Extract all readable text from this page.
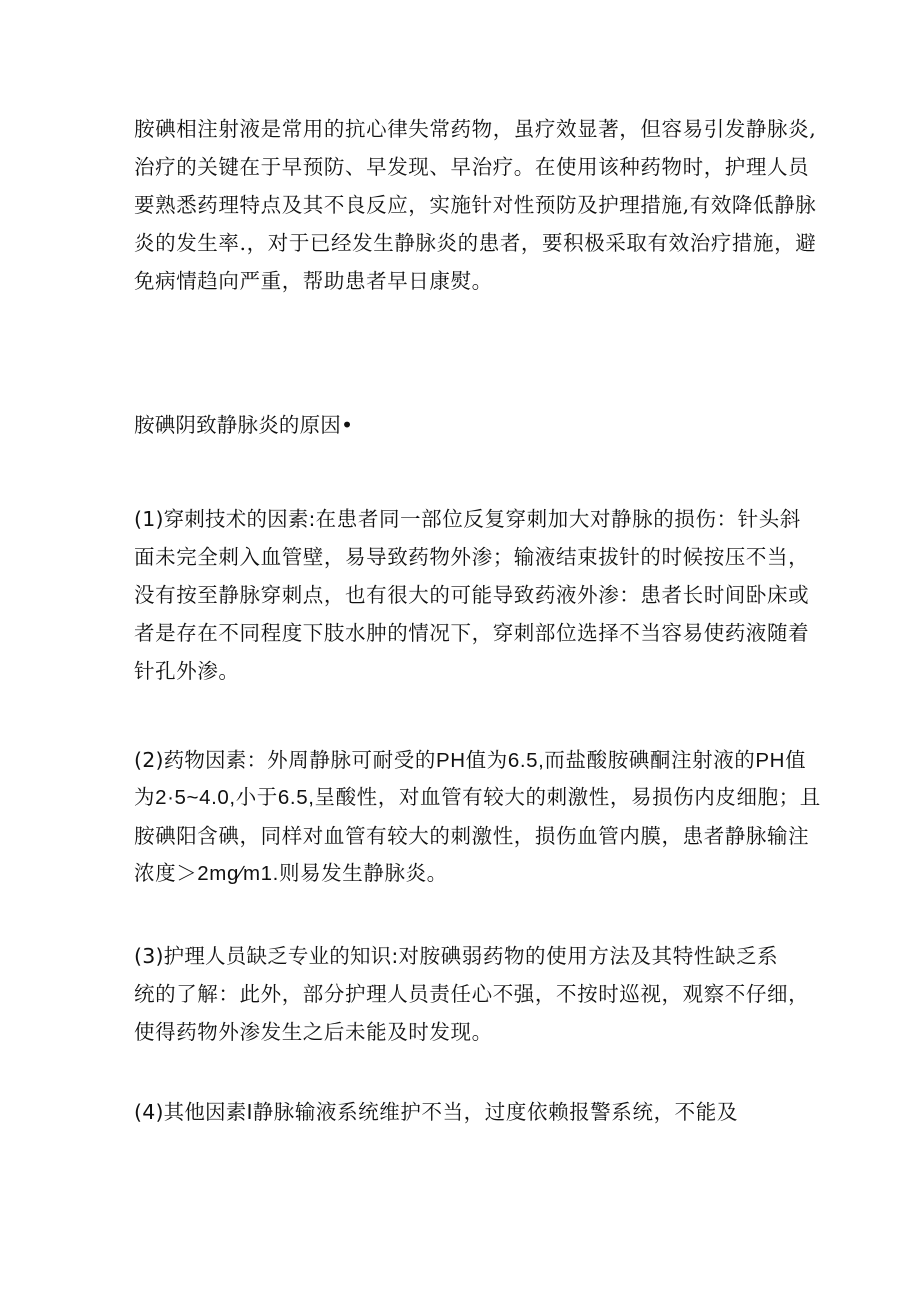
胺碘相注射液是常用的抗心律失常药物，虽疗效显著，但容易引发静脉炎,
治疗的关键在于早预防、早发现、早治疗。在使用该种药物时，护理人员
要熟悉药理特点及其不良反应，实施针对性预防及护理措施,有效降低静脉
炎的发生率.，对于已经发生静脉炎的患者，要积极采取有效治疗措施，避
免病情趋向严重，帮助患者早日康熨。
胺碘阴致静脉炎的原因•
(1)穿刺技术的因素:在患者同一部位反复穿刺加大对静脉的损伤：针头斜
面未完全刺入血管壁，易导致药物外渗；输液结束拔针的时候按压不当，
没有按至静脉穿刺点，也有很大的可能导致药液外渗：患者长时间卧床或
者是存在不同程度下肢水肿的情况下，穿刺部位选择不当容易使药液随着
针孔外渗。
(2)药物因素：外周静脉可耐受的PH值为6.5,而盐酸胺碘酮注射液的PH值
为2·5~4.0,小于6.5,呈酸性，对血管有较大的刺激性，易损伤内皮细胞；且
胺碘阳含碘，同样对血管有较大的刺激性，损伤血管内膜，患者静脉输注
浓度＞2mg∕m1.则易发生静脉炎。
(3)护理人员缺乏专业的知识:对胺碘弱药物的使用方法及其特性缺乏系
统的了解：此外，部分护理人员责任心不强，不按时巡视，观察不仔细，
使得药物外渗发生之后未能及时发现。
(4)其他因素I静脉输液系统维护不当，过度依赖报警系统，不能及
